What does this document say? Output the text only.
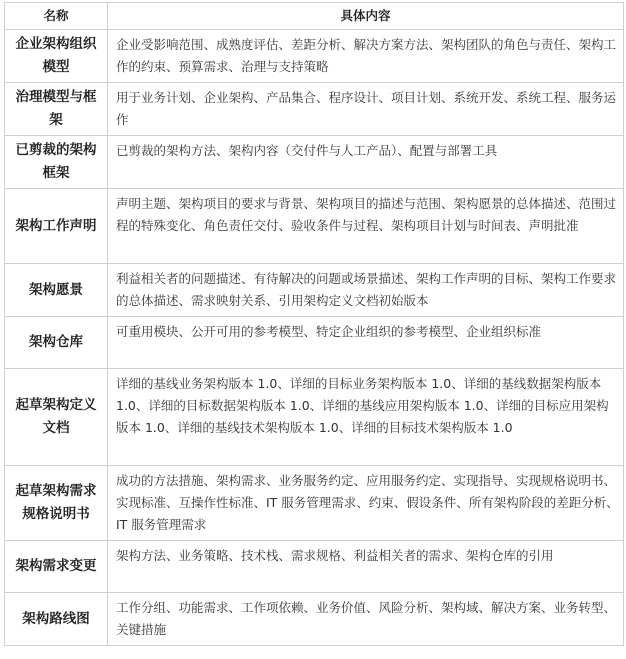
名称	具体内容
企业架构组织模型	企业受影响范围、成熟度评估、差距分析、解决方案方法、架构团队的角色与责任、架构工作的约束、预算需求、治理与支持策略
治理模型与框架	用于业务计划、企业架构、产品集合、程序设计、项目计划、系统开发、系统工程、服务运作
已剪裁的架构框架	已剪裁的架构方法、架构内容（交付件与人工产品）、配置与部署工具
架构工作声明	声明主题、架构项目的要求与背景、架构项目的描述与范围、架构愿景的总体描述、范围过程的特殊变化、角色责任交付、验收条件与过程、架构项目计划与时间表、声明批准
架构愿景	利益相关者的问题描述、有待解决的问题或场景描述、架构工作声明的目标、架构工作要求的总体描述、需求映射关系、引用架构定义文档初始版本
架构仓库	可重用模块、公开可用的参考模型、特定企业组织的参考模型、企业组织标准
起草架构定义文档	详细的基线业务架构版本 1.0、详细的目标业务架构版本 1.0、详细的基线数据架构版本 1.0、详细的目标数据架构版本 1.0、详细的基线应用架构版本 1.0、详细的目标应用架构版本 1.0、详细的基线技术架构版本 1.0、详细的目标技术架构版本 1.0
起草架构需求规格说明书	成功的方法措施、架构需求、业务服务约定、应用服务约定、实现指导、实现规格说明书、实现标准、互操作性标准、IT 服务管理需求、约束、假设条件、所有架构阶段的差距分析、IT 服务管理需求
架构需求变更	架构方法、业务策略、技术栈、需求规格、利益相关者的需求、架构仓库的引用
架构路线图	工作分组、功能需求、工作项依赖、业务价值、风险分析、架构域、解决方案、业务转型、关键措施
